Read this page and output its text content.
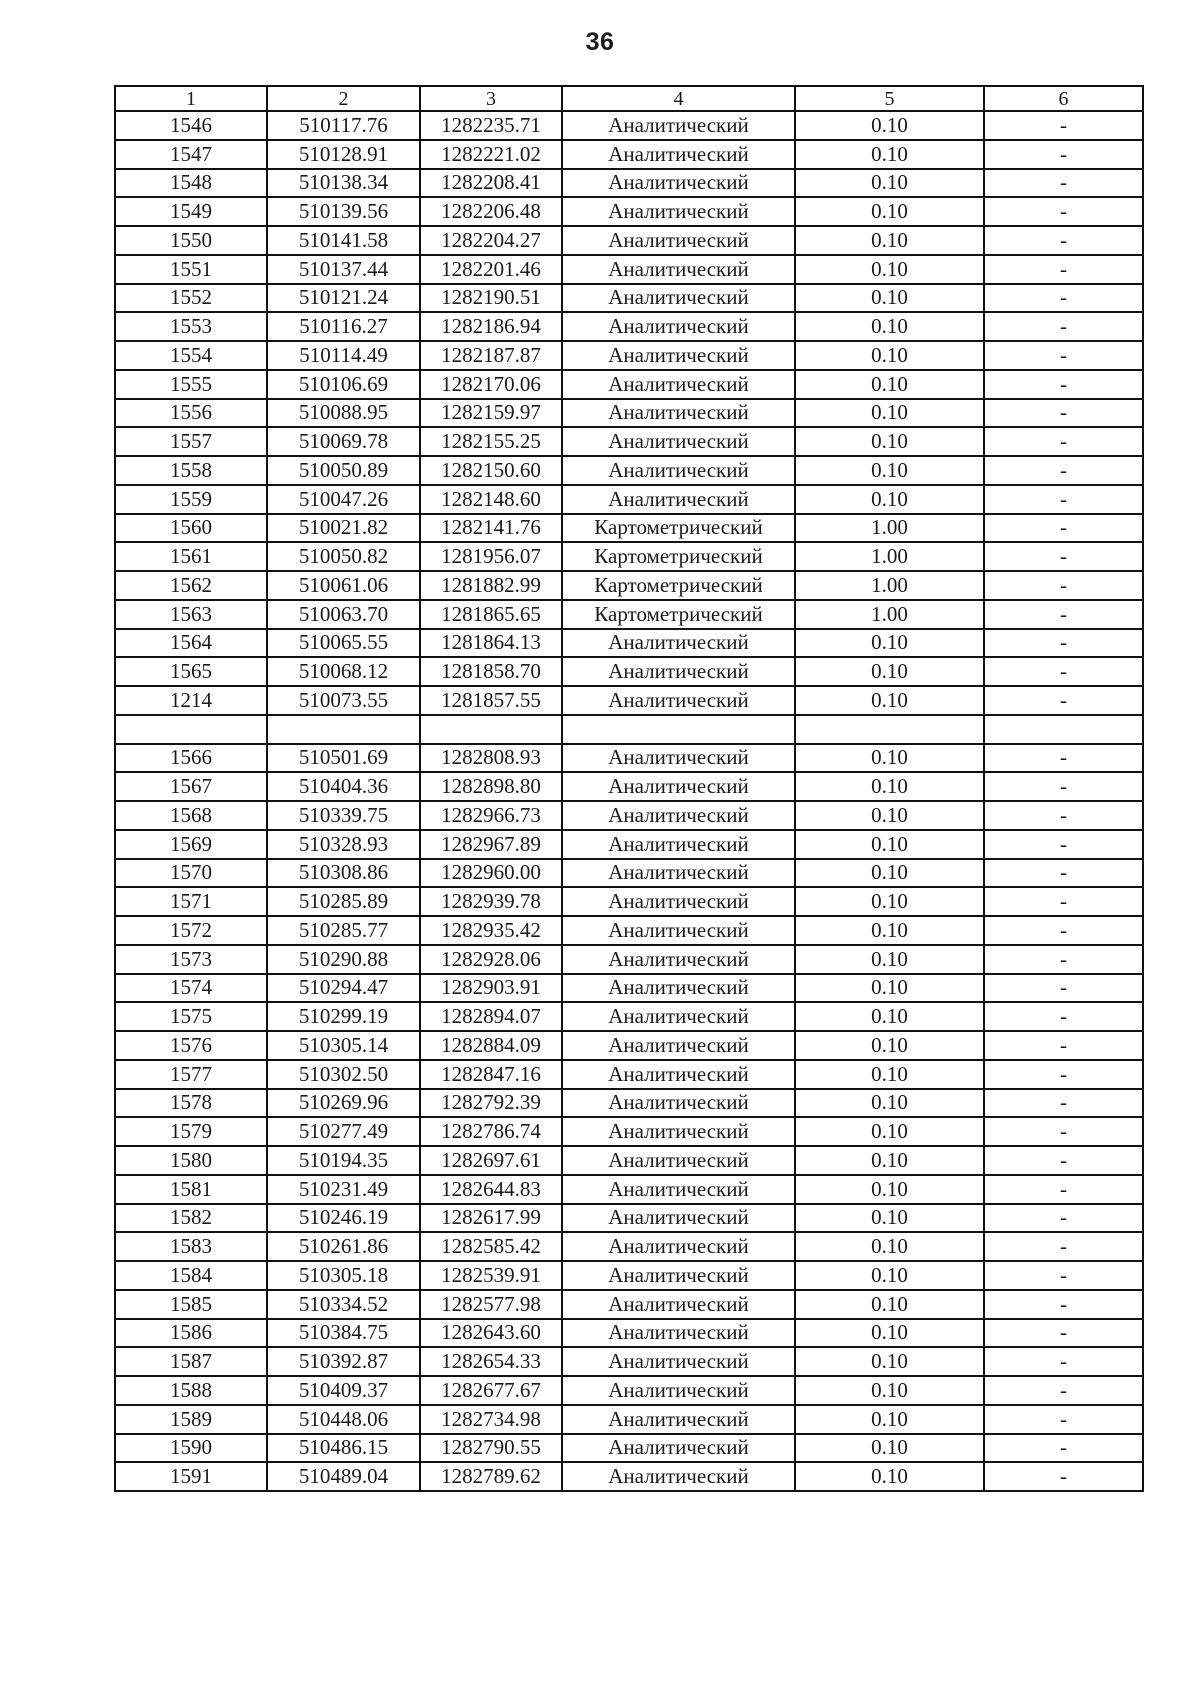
36
1	2	3	4	5	6
1546	510117.76	1282235.71	Аналитический	0.10	-
1547	510128.91	1282221.02	Аналитический	0.10	-
1548	510138.34	1282208.41	Аналитический	0.10	-
1549	510139.56	1282206.48	Аналитический	0.10	-
1550	510141.58	1282204.27	Аналитический	0.10	-
1551	510137.44	1282201.46	Аналитический	0.10	-
1552	510121.24	1282190.51	Аналитический	0.10	-
1553	510116.27	1282186.94	Аналитический	0.10	-
1554	510114.49	1282187.87	Аналитический	0.10	-
1555	510106.69	1282170.06	Аналитический	0.10	-
1556	510088.95	1282159.97	Аналитический	0.10	-
1557	510069.78	1282155.25	Аналитический	0.10	-
1558	510050.89	1282150.60	Аналитический	0.10	-
1559	510047.26	1282148.60	Аналитический	0.10	-
1560	510021.82	1282141.76	Картометрический	1.00	-
1561	510050.82	1281956.07	Картометрический	1.00	-
1562	510061.06	1281882.99	Картометрический	1.00	-
1563	510063.70	1281865.65	Картометрический	1.00	-
1564	510065.55	1281864.13	Аналитический	0.10	-
1565	510068.12	1281858.70	Аналитический	0.10	-
1214	510073.55	1281857.55	Аналитический	0.10	-

1566	510501.69	1282808.93	Аналитический	0.10	-
1567	510404.36	1282898.80	Аналитический	0.10	-
1568	510339.75	1282966.73	Аналитический	0.10	-
1569	510328.93	1282967.89	Аналитический	0.10	-
1570	510308.86	1282960.00	Аналитический	0.10	-
1571	510285.89	1282939.78	Аналитический	0.10	-
1572	510285.77	1282935.42	Аналитический	0.10	-
1573	510290.88	1282928.06	Аналитический	0.10	-
1574	510294.47	1282903.91	Аналитический	0.10	-
1575	510299.19	1282894.07	Аналитический	0.10	-
1576	510305.14	1282884.09	Аналитический	0.10	-
1577	510302.50	1282847.16	Аналитический	0.10	-
1578	510269.96	1282792.39	Аналитический	0.10	-
1579	510277.49	1282786.74	Аналитический	0.10	-
1580	510194.35	1282697.61	Аналитический	0.10	-
1581	510231.49	1282644.83	Аналитический	0.10	-
1582	510246.19	1282617.99	Аналитический	0.10	-
1583	510261.86	1282585.42	Аналитический	0.10	-
1584	510305.18	1282539.91	Аналитический	0.10	-
1585	510334.52	1282577.98	Аналитический	0.10	-
1586	510384.75	1282643.60	Аналитический	0.10	-
1587	510392.87	1282654.33	Аналитический	0.10	-
1588	510409.37	1282677.67	Аналитический	0.10	-
1589	510448.06	1282734.98	Аналитический	0.10	-
1590	510486.15	1282790.55	Аналитический	0.10	-
1591	510489.04	1282789.62	Аналитический	0.10	-
